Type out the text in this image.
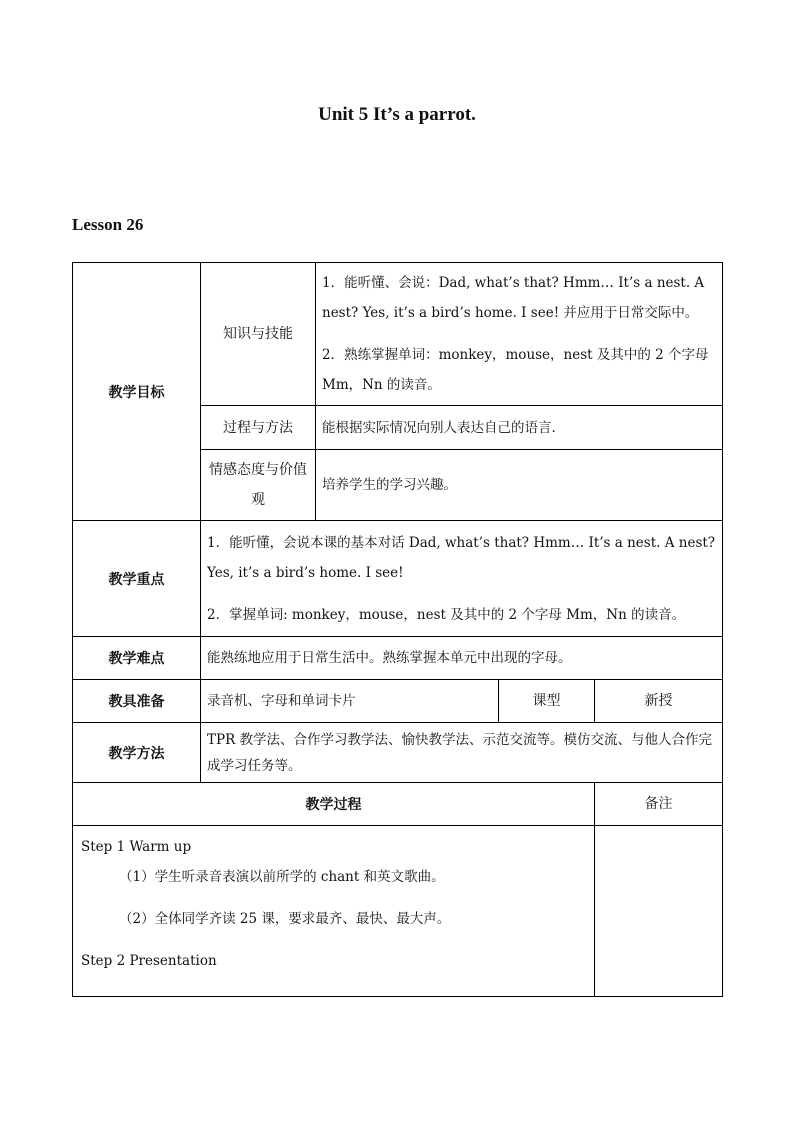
Unit 5 It’s a parrot.
Lesson 26
教学目标	知识与技能	1．能听懂、会说：Dad, what’s that? Hmm… It’s a nest. A nest? Yes, it’s a bird’s home. I see! 并应用于日常交际中。

2．熟练掌握单词：monkey，mouse，nest 及其中的 2 个字母 Mm，Nn 的读音。		

	过程与方法	能根据实际情况向别人表达自己的语言.		
	情感态度与价值观	培养学生的学习兴趣。		
教学重点	1．能听懂，会说本课的基本对话 Dad, what’s that? Hmm… It’s a nest. A nest? Yes, it’s a bird’s home. I see!

2．掌握单词: monkey，mouse，nest 及其中的 2 个字母 Mm，Nn 的读音。			

教学难点	能熟练地应用于日常生活中。熟练掌握本单元中出现的字母。			
教具准备	录音机、字母和单词卡片		课型	新授
教学方法	TPR 教学法、合作学习教学法、愉快教学法、示范交流等。模仿交流、与他人合作完成学习任务等。			
教学过程				备注

Step 1 Warm up

（1）学生听录音表演以前所学的 chant 和英文歌曲。

（2）全体同学齐读 25 课，要求最齐、最快、最大声。

Step 2 Presentation				
